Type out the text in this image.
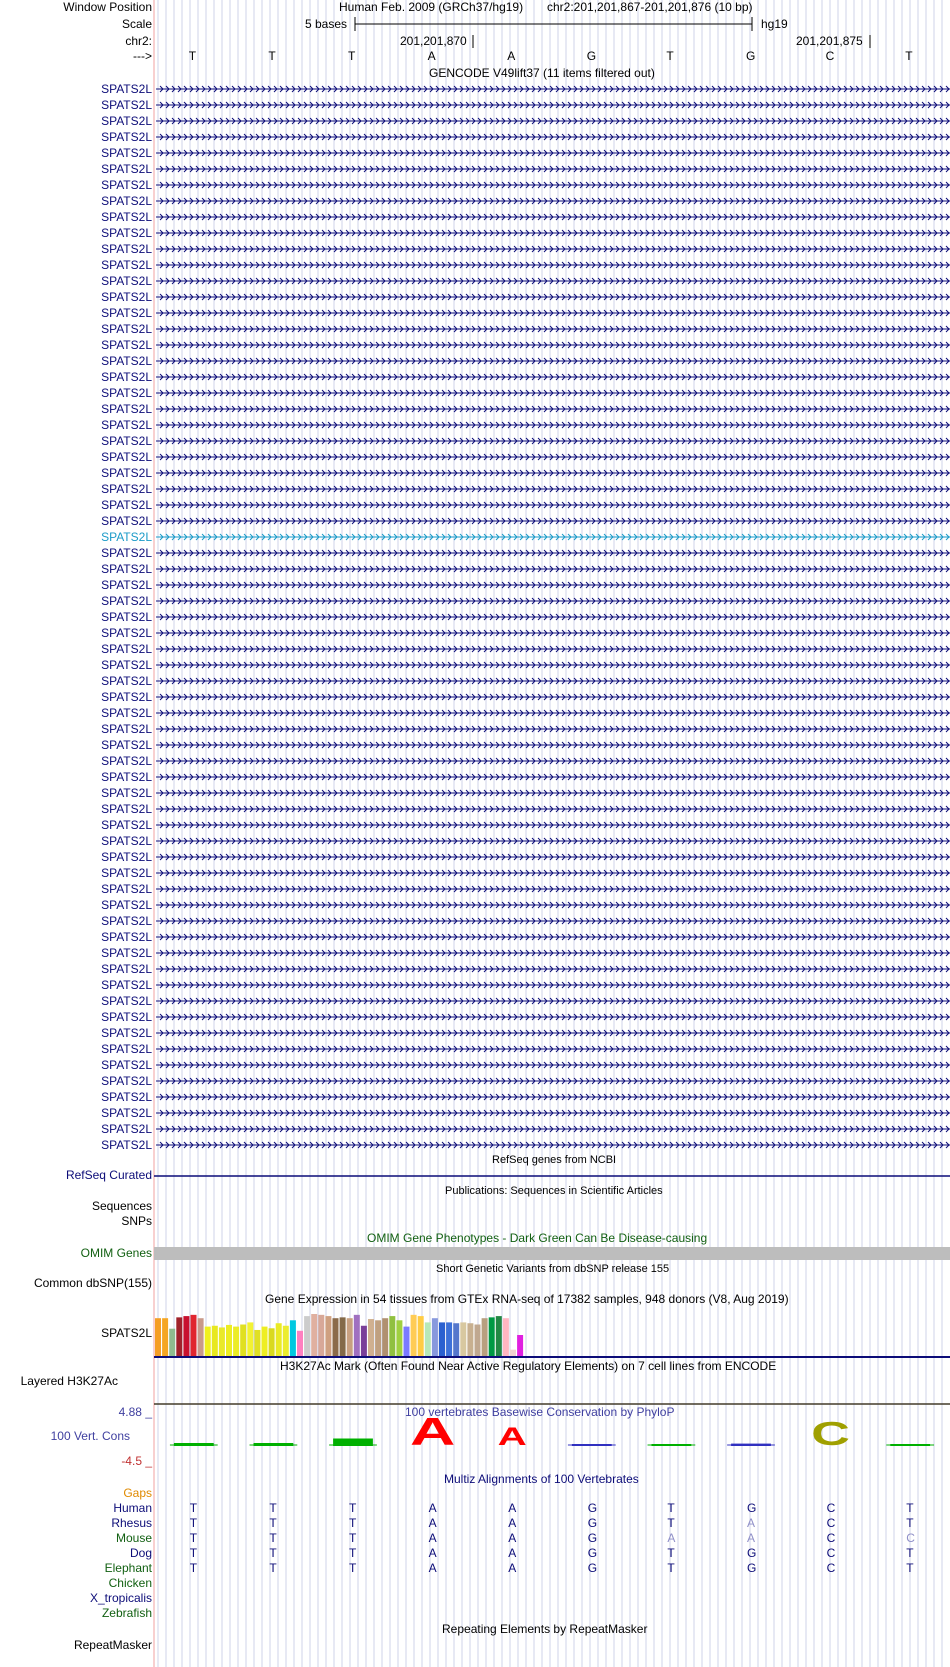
A A	C
Window Position
Scale
chr2:
--->
Human Feb. 2009 (GRCh37/hg19) chr2:201,201,867-201,201,876 (10 bp)
5 bases	hg19
201,201,870	201,201,875
GENCODE V49lift37 (11 items filtered out)
T	T	T	A	A	G	T	G	C	T
SPATS2L
SPATS2L
SPATS2L
SPATS2L
SPATS2L
SPATS2L
SPATS2L
SPATS2L
SPATS2L
SPATS2L
SPATS2L
SPATS2L
SPATS2L
SPATS2L
SPATS2L
SPATS2L
SPATS2L
SPATS2L
SPATS2L
SPATS2L
SPATS2L
SPATS2L
SPATS2L
SPATS2L
SPATS2L
SPATS2L
SPATS2L
SPATS2L
SPATS2L
SPATS2L
SPATS2L
SPATS2L
SPATS2L
SPATS2L
SPATS2L
SPATS2L
SPATS2L
SPATS2L
SPATS2L
SPATS2L
SPATS2L
SPATS2L
SPATS2L
SPATS2L
SPATS2L
SPATS2L
SPATS2L
SPATS2L
SPATS2L
SPATS2L
SPATS2L
SPATS2L
SPATS2L
SPATS2L
SPATS2L
SPATS2L
SPATS2L
SPATS2L
SPATS2L
SPATS2L
SPATS2L
SPATS2L
SPATS2L
SPATS2L
SPATS2L
SPATS2L
SPATS2L
RefSeq genes from NCBI
RefSeq Curated
Publications: Sequences in Scientific Articles
Sequences
SNPs
OMIM Gene Phenotypes - Dark Green Can Be Disease-causing
OMIM Genes
Short Genetic Variants from dbSNP release 155
Common dbSNP(155)
Gene Expression in 54 tissues from GTEx RNA-seq of 17382 samples, 948 donors (V8, Aug 2019)
SPATS2L
H3K27Ac Mark (Often Found Near Active Regulatory Elements) on 7 cell lines from ENCODE
Layered H3K27Ac
100 vertebrates Basewise Conservation by PhyloP
4.88 _
100 Vert. Cons
-4.5 _
Multiz Alignments of 100 Vertebrates
Gaps
Human	T	T	T	A	A	G	T	G	C	T
Rhesus	T	T	T	A	A	G	T	A	C	T
Mouse	T	T	T	A	A	G	A	A	C	C
Dog	T	T	T	A	A	G	T	G	C	T
Elephant	T	T	T	A	A	G	T	G	C	T
Chicken
X_tropicalis
Zebrafish
Repeating Elements by RepeatMasker
RepeatMasker
